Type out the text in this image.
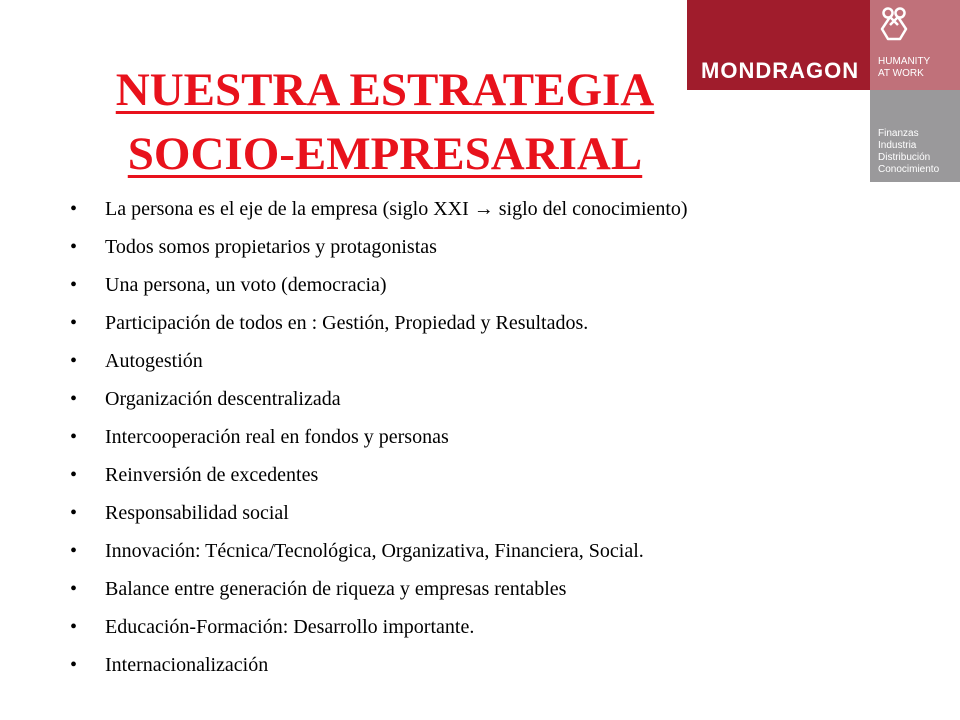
NUESTRA ESTRATEGIA
SOCIO-EMPRESARIAL
MONDRAGON HUMANITY
AT WORK
Finanzas
Industria
Distribución
Conocimiento
• La persona es el eje de la empresa (siglo XXI → siglo del conocimiento)
• Todos somos propietarios y protagonistas
• Una persona, un voto (democracia)
• Participación de todos en : Gestión, Propiedad y Resultados.
• Autogestión
• Organización descentralizada
• Intercooperación real en fondos y personas
• Reinversión de excedentes
• Responsabilidad social
• Innovación: Técnica/Tecnológica, Organizativa, Financiera, Social.
• Balance entre generación de riqueza y empresas rentables
• Educación-Formación: Desarrollo importante.
• Internacionalización
